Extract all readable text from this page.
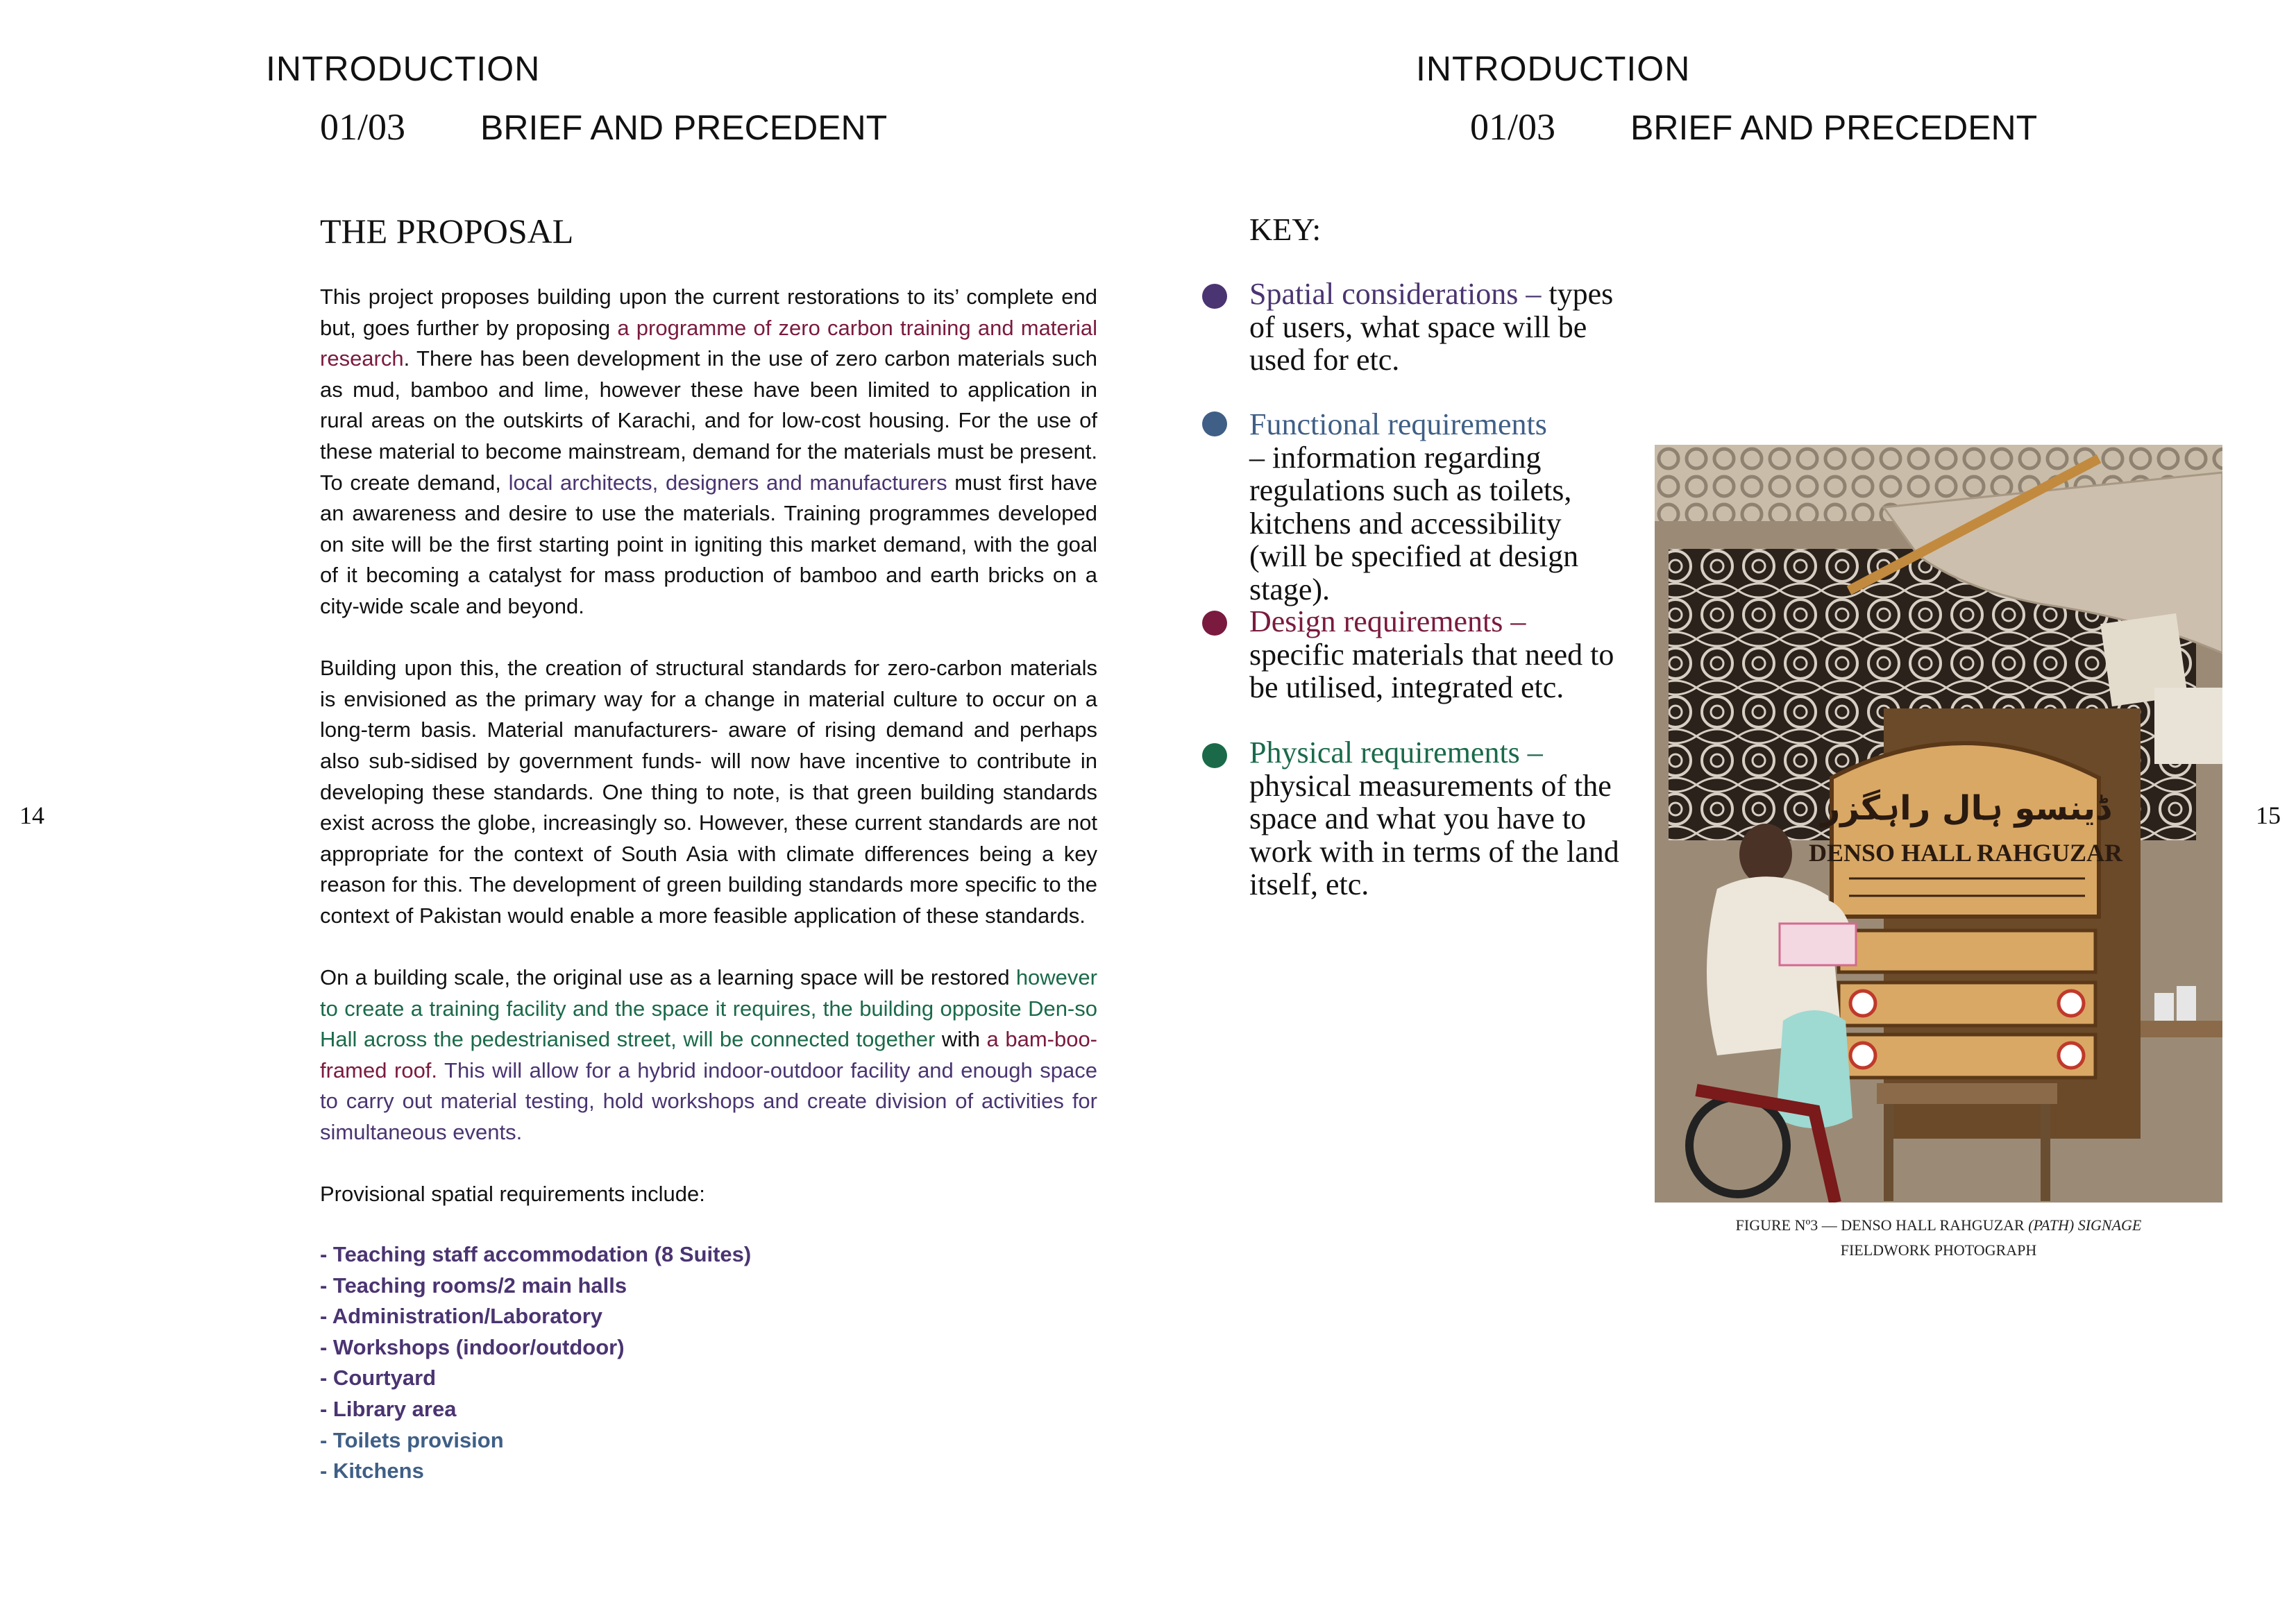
INTRODUCTION
01/03 BRIEF AND PRECEDENT
14
THE PROPOSAL

This project proposes building upon the current restorations to its’ complete end but, goes further by proposing a programme of zero carbon training and material research. There has been development in the use of zero carbon materials such as mud, bamboo and lime, however these have been limited to application in rural areas on the outskirts of Karachi, and for low-cost housing. For the use of these material to become mainstream, demand for the materials must be present. To create demand, local architects, designers and manufacturers must first have an awareness and desire to use the materials. Training programmes developed on site will be the first starting point in igniting this market demand, with the goal of it becoming a catalyst for mass production of bamboo and earth bricks on a city-wide scale and beyond.

Building upon this, the creation of structural standards for zero-carbon materials is envisioned as the primary way for a change in material culture to occur on a long-term basis. Material manufacturers- aware of rising demand and perhaps also sub-sidised by government funds- will now have incentive to contribute in developing these standards. One thing to note, is that green building standards exist across the globe, increasingly so. However, these current standards are not appropriate for the context of South Asia with climate differences being a key reason for this. The development of green building standards more specific to the context of Pakistan would enable a more feasible application of these standards.

On a building scale, the original use as a learning space will be restored however to create a training facility and the space it requires, the building opposite Den-so Hall across the pedestrianised street, will be connected together with a bam-boo-framed roof. This will allow for a hybrid indoor-outdoor facility and enough space to carry out material testing, hold workshops and create division of activities for simultaneous events.

Provisional spatial requirements include:

- Teaching staff accommodation (8 Suites)
- Teaching rooms/2 main halls
- Administration/Laboratory
- Workshops (indoor/outdoor)
- Courtyard
- Library area
- Toilets provision
- Kitchens
INTRODUCTION
01/03 BRIEF AND PRECEDENT
15
KEY:
Spatial considerations – types of users, what space will be used for etc.
Functional requirements
– information regarding regulations such as toilets, kitchens and accessibility (will be specified at design stage).
Design requirements – specific materials that need to be utilised, integrated etc.
Physical requirements –
physical measurements of the space and what you have to work with in terms of the land itself, etc.
ڈینسو ہال راہگزر
DENSO HALL RAHGUZAR
FIGURE Nº3 — DENSO HALL RAHGUZAR (PATH) SIGNAGE
FIELDWORK PHOTOGRAPH
